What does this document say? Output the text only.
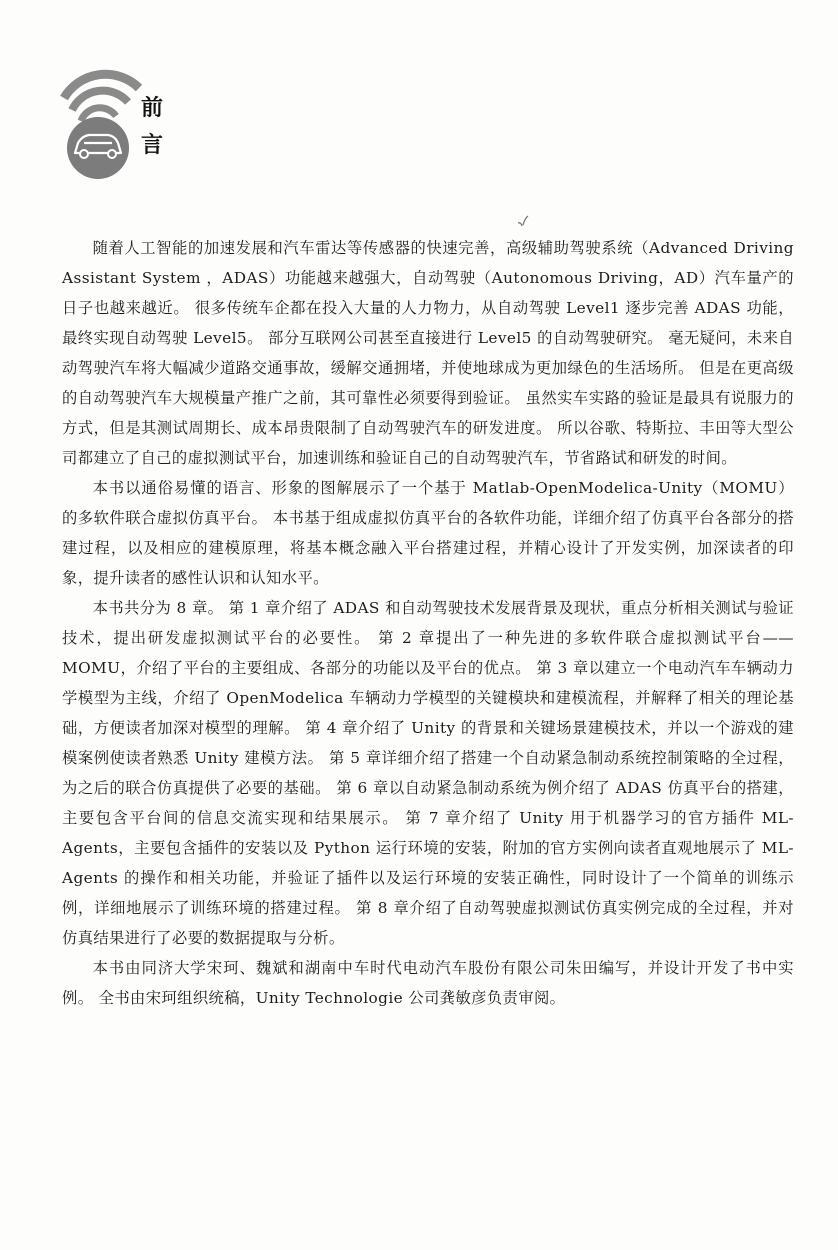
前
言

随着人工智能的加速发展和汽车雷达等传感器的快速完善，高级辅助驾驶系统（Advanced Driving Assistant System ，ADAS）功能越来越强大，自动驾驶（Autonomous Driving，AD）汽车量产的日子也越来越近。 很多传统车企都在投入大量的人力物力，从自动驾驶 Level1 逐步完善 ADAS 功能，最终实现自动驾驶 Level5。 部分互联网公司甚至直接进行 Level5 的自动驾驶研究。 毫无疑问，未来自动驾驶汽车将大幅减少道路交通事故，缓解交通拥堵，并使地球成为更加绿色的生活场所。 但是在更高级的自动驾驶汽车大规模量产推广之前，其可靠性必须要得到验证。 虽然实车实路的验证是最具有说服力的方式，但是其测试周期长、成本昂贵限制了自动驾驶汽车的研发进度。 所以谷歌、特斯拉、丰田等大型公司都建立了自己的虚拟测试平台，加速训练和验证自己的自动驾驶汽车，节省路试和研发的时间。

本书以通俗易懂的语言、形象的图解展示了一个基于 Matlab-OpenModelica-Unity（MOMU）的多软件联合虚拟仿真平台。 本书基于组成虚拟仿真平台的各软件功能，详细介绍了仿真平台各部分的搭建过程，以及相应的建模原理，将基本概念融入平台搭建过程，并精心设计了开发实例，加深读者的印象，提升读者的感性认识和认知水平。

本书共分为 8 章。 第 1 章介绍了 ADAS 和自动驾驶技术发展背景及现状，重点分析相关测试与验证技术，提出研发虚拟测试平台的必要性。 第 2 章提出了一种先进的多软件联合虚拟测试平台——MOMU，介绍了平台的主要组成、各部分的功能以及平台的优点。 第 3 章以建立一个电动汽车车辆动力学模型为主线，介绍了 OpenModelica 车辆动力学模型的关键模块和建模流程，并解释了相关的理论基础，方便读者加深对模型的理解。 第 4 章介绍了 Unity 的背景和关键场景建模技术，并以一个游戏的建模案例使读者熟悉 Unity 建模方法。 第 5 章详细介绍了搭建一个自动紧急制动系统控制策略的全过程，为之后的联合仿真提供了必要的基础。 第 6 章以自动紧急制动系统为例介绍了 ADAS 仿真平台的搭建，主要包含平台间的信息交流实现和结果展示。 第 7 章介绍了 Unity 用于机器学习的官方插件 ML-Agents，主要包含插件的安装以及 Python 运行环境的安装，附加的官方实例向读者直观地展示了 ML-Agents 的操作和相关功能，并验证了插件以及运行环境的安装正确性，同时设计了一个简单的训练示例，详细地展示了训练环境的搭建过程。 第 8 章介绍了自动驾驶虚拟测试仿真实例完成的全过程，并对仿真结果进行了必要的数据提取与分析。

本书由同济大学宋珂、魏斌和湖南中车时代电动汽车股份有限公司朱田编写，并设计开发了书中实例。 全书由宋珂组织统稿，Unity Technologie 公司龚敏彦负责审阅。
